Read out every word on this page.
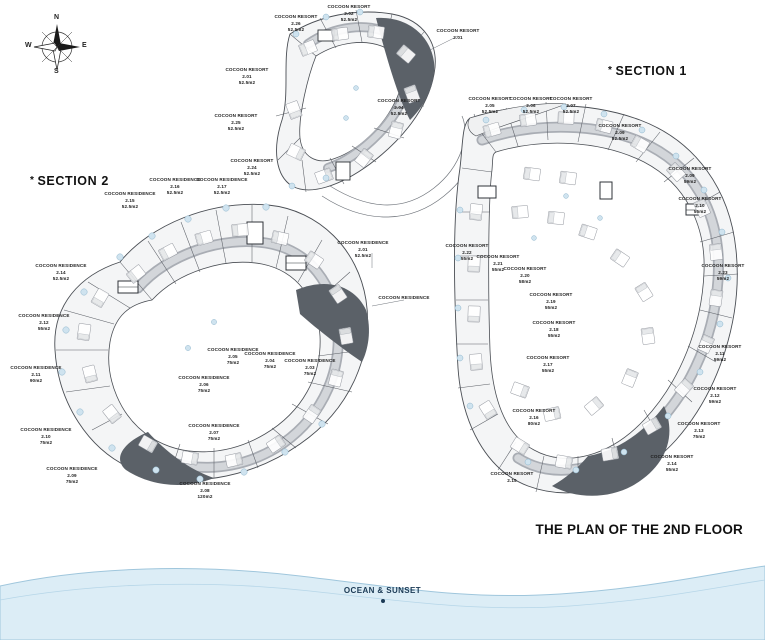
N
S
W	E
* SECTION 2
* SECTION 1
COCOON RESORT
2.26
52.5m2
COCOON RESORT
2.02
52.5m2
COCOON RESORT
2.01
COCOON RESORT
2.01
52.5m2
COCOON RESORT
2.04
52.5m2
COCOON RESORT
2.25
52.5m2
COCOON RESORT
2.05
52.5m2
COCOON RESORT
2.06
52.5m2
COCOON RESORT
2.07
52.5m2
COCOON RESORT
2.09
52.5m2
COCOON RESORT
2.24
52.5m2
COCOON RESIDENCE
2.17
52.5m2
COCOON RESIDENCE
2.16
52.5m2
COCOON RESIDENCE
2.15
52.5m2
COCOON RESORT
2.09
59m2
COCOON RESORT
2.10
55m2
COCOON RESIDENCE
2.01
52.5m2
COCOON RESORT
2.22
55m2 COCOON RESORT
2.21
55m2 COCOON RESORT
2.20
58m2
COCOON RESORT
2.23
59m2
COCOON RESIDENCE
2.14
52.5m2
COCOON RESIDENCE
COCOON RESORT
2.19
55m2
COCOON RESIDENCE
2.12
55m2
COCOON RESORT
2.18
55m2
COCOON RESORT
2.11
59m2
COCOON RESIDENCE
2.05
75m2
COCOON RESIDENCE
2.04
75m2
COCOON RESIDENCE
2.03
75m2
COCOON RESORT
2.17
55m2
COCOON RESIDENCE
2.11
90m2
COCOON RESIDENCE
2.06
75m2	COCOON RESORT
2.12
59m2
COCOON RESIDENCE
2.07
75m2
COCOON RESORT
2.16
80m2	COCOON RESORT
2.13
75m2
COCOON RESIDENCE
2.10
75m2
COCOON RESIDENCE
2.09
75m2
COCOON RESORT
2.14
55m2
COCOON RESORT
2.15
COCOON RESIDENCE
2.08
120m2
THE PLAN OF THE 2ND FLOOR
OCEAN & SUNSET
